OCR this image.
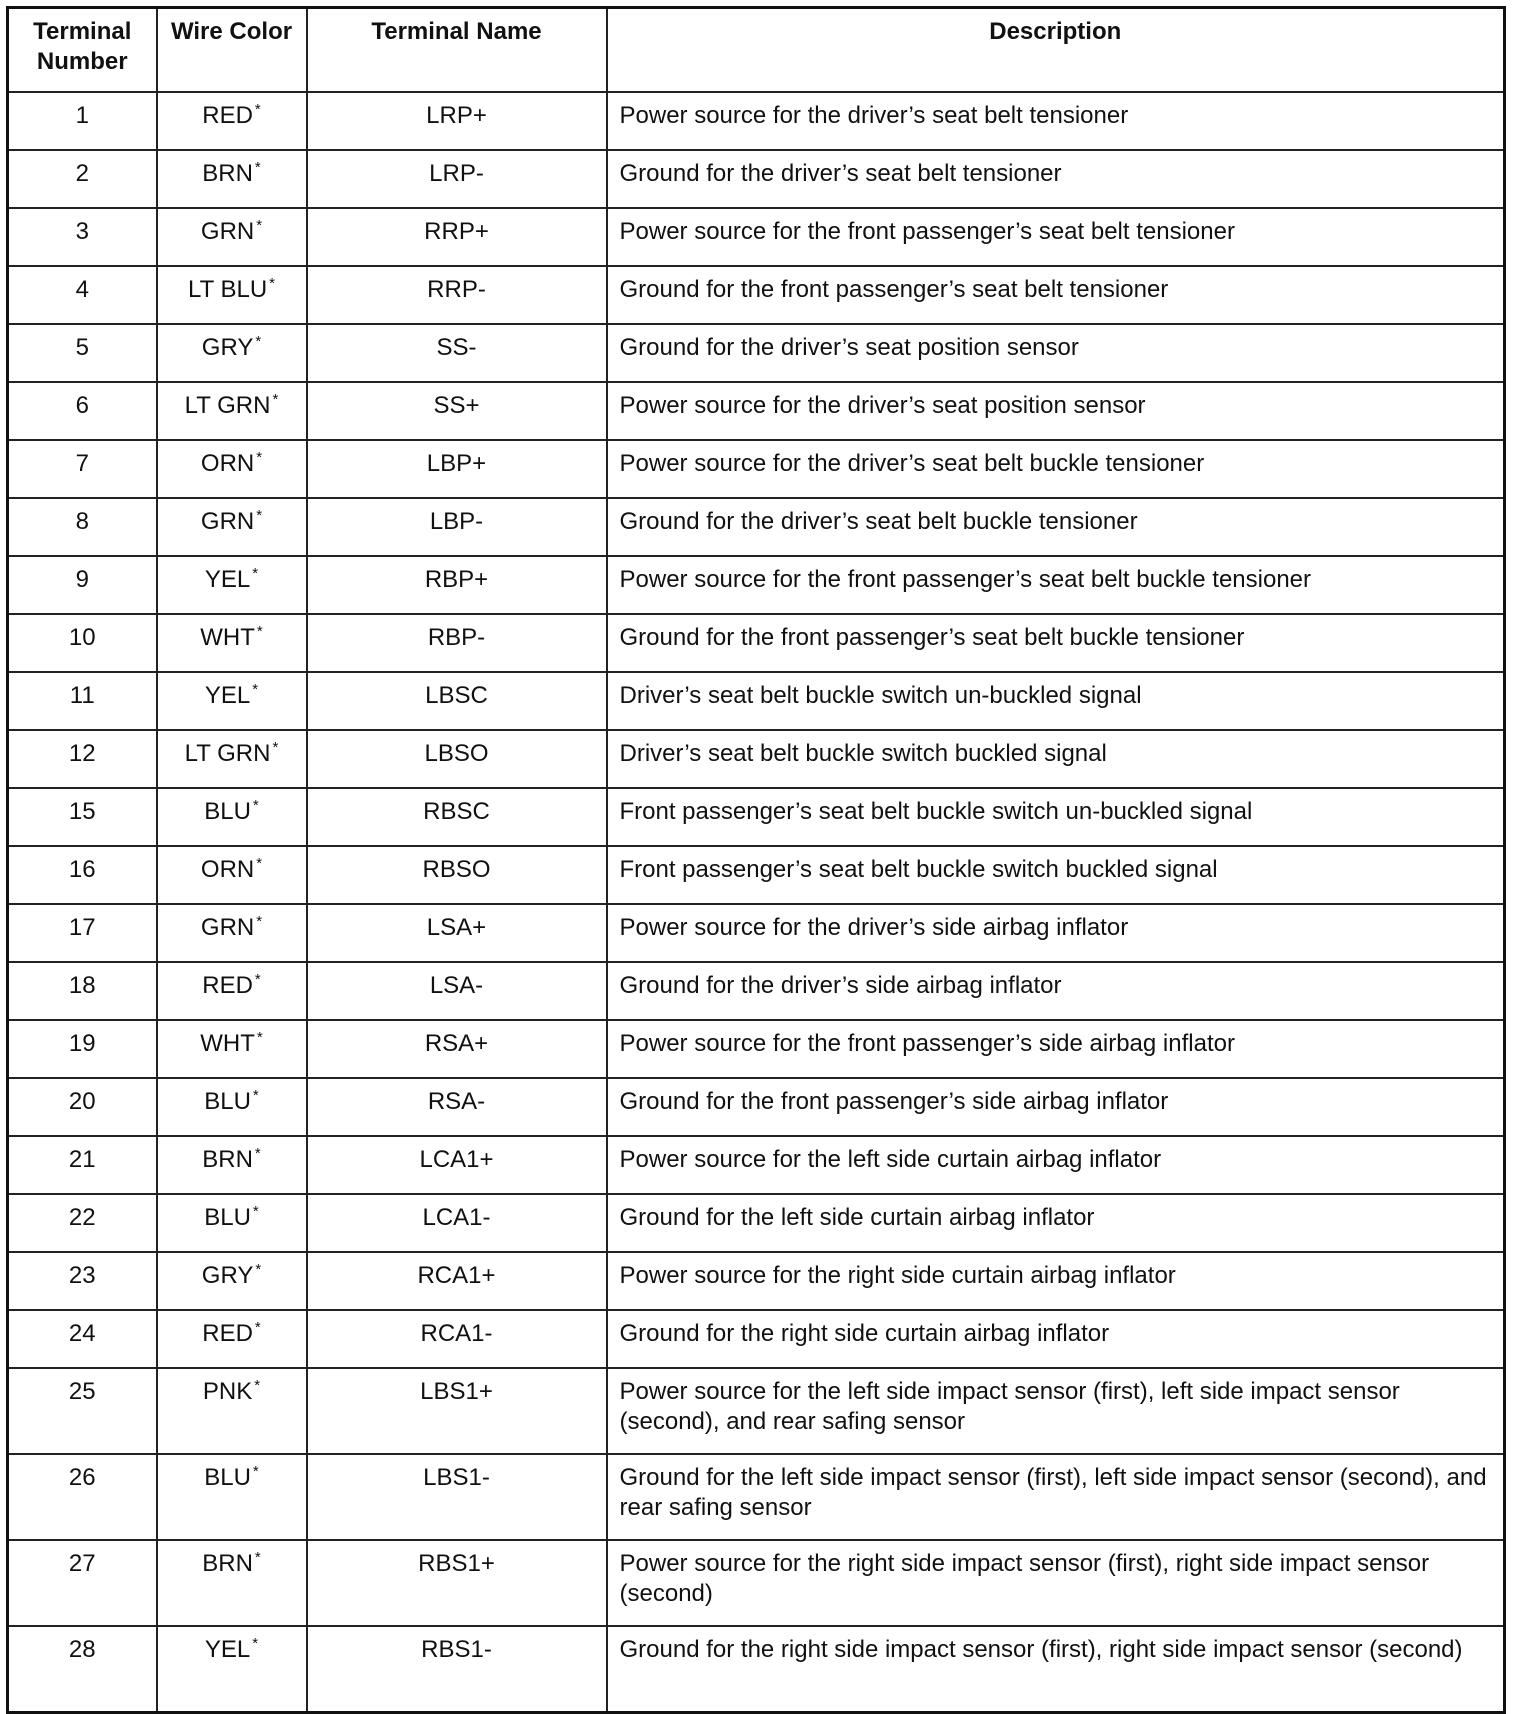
Terminal Number	Wire Color	Terminal Name	Description
1	RED *	LRP+	Power source for the driver’s seat belt tensioner
2	BRN *	LRP-	Ground for the driver’s seat belt tensioner
3	GRN *	RRP+	Power source for the front passenger’s seat belt tensioner
4	LT BLU *	RRP-	Ground for the front passenger’s seat belt tensioner
5	GRY *	SS-	Ground for the driver’s seat position sensor
6	LT GRN *	SS+	Power source for the driver’s seat position sensor
7	ORN *	LBP+	Power source for the driver’s seat belt buckle tensioner
8	GRN *	LBP-	Ground for the driver’s seat belt buckle tensioner
9	YEL *	RBP+	Power source for the front passenger’s seat belt buckle tensioner
10	WHT *	RBP-	Ground for the front passenger’s seat belt buckle tensioner
11	YEL *	LBSC	Driver’s seat belt buckle switch un-buckled signal
12	LT GRN *	LBSO	Driver’s seat belt buckle switch buckled signal
15	BLU *	RBSC	Front passenger’s seat belt buckle switch un-buckled signal
16	ORN *	RBSO	Front passenger’s seat belt buckle switch buckled signal
17	GRN *	LSA+	Power source for the driver’s side airbag inflator
18	RED *	LSA-	Ground for the driver’s side airbag inflator
19	WHT *	RSA+	Power source for the front passenger’s side airbag inflator
20	BLU *	RSA-	Ground for the front passenger’s side airbag inflator
21	BRN *	LCA1+	Power source for the left side curtain airbag inflator
22	BLU *	LCA1-	Ground for the left side curtain airbag inflator
23	GRY *	RCA1+	Power source for the right side curtain airbag inflator
24	RED *	RCA1-	Ground for the right side curtain airbag inflator
25	PNK *	LBS1+	Power source for the left side impact sensor (first), left side impact sensor (second), and rear safing sensor
26	BLU *	LBS1-	Ground for the left side impact sensor (first), left side impact sensor (second), and rear safing sensor
27	BRN *	RBS1+	Power source for the right side impact sensor (first), right side impact sensor (second)
28	YEL *	RBS1-	Ground for the right side impact sensor (first), right side impact sensor (second)
